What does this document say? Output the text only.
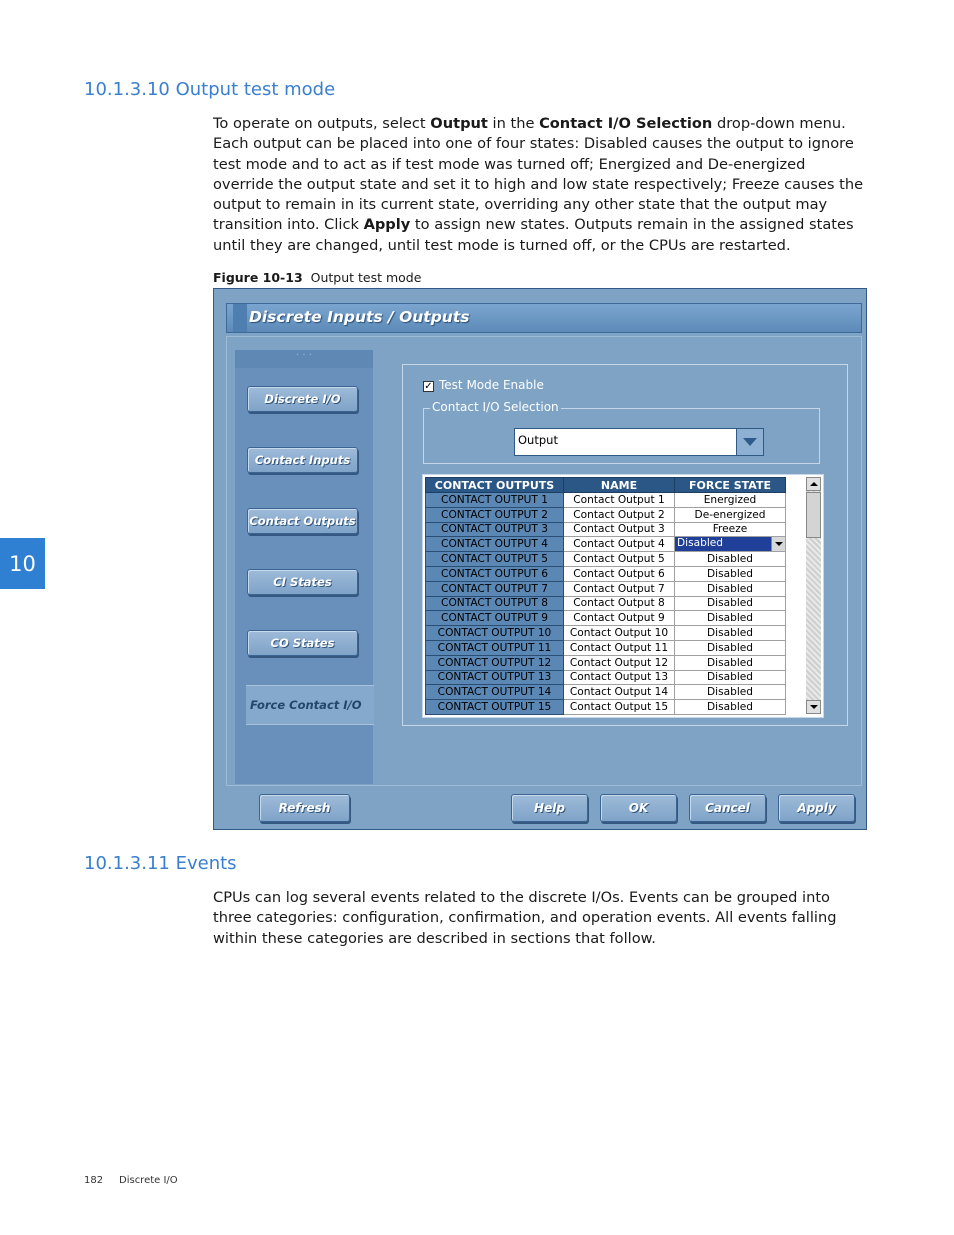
10.1.3.10 Output test mode
To operate on outputs, select Output in the Contact I/O Selection drop-down menu. Each output can be placed into one of four states: Disabled causes the output to ignore test mode and to act as if test mode was turned off; Energized and De-energized override the output state and set it to high and low state respectively; Freeze causes the output to remain in its current state, overriding any other state that the output may transition into. Click Apply to assign new states. Outputs remain in the assigned states until they are changed, until test mode is turned off, or the CPUs are restarted.
Figure 10-13 Output test mode
Discrete Inputs / Outputs
· · ·
Discrete I/O
Contact Inputs
Contact Outputs
CI States
CO States
Force Contact I/O
✓ Test Mode Enable
Contact I/O Selection
Output
CONTACT OUTPUTS	NAME	FORCE STATE
CONTACT OUTPUT 1	Contact Output 1	Energized
CONTACT OUTPUT 2	Contact Output 2	De-energized
CONTACT OUTPUT 3	Contact Output 3	Freeze
CONTACT OUTPUT 4	Contact Output 4	Disabled

CONTACT OUTPUT 5	Contact Output 5	Disabled
CONTACT OUTPUT 6	Contact Output 6	Disabled
CONTACT OUTPUT 7	Contact Output 7	Disabled
CONTACT OUTPUT 8	Contact Output 8	Disabled
CONTACT OUTPUT 9	Contact Output 9	Disabled
CONTACT OUTPUT 10	Contact Output 10	Disabled
CONTACT OUTPUT 11	Contact Output 11	Disabled
CONTACT OUTPUT 12	Contact Output 12	Disabled
CONTACT OUTPUT 13	Contact Output 13	Disabled
CONTACT OUTPUT 14	Contact Output 14	Disabled
CONTACT OUTPUT 15	Contact Output 15	Disabled
Refresh	Help	OK	Cancel	Apply
10.1.3.11 Events
CPUs can log several events related to the discrete I/Os. Events can be grouped into three categories: configuration, confirmation, and operation events. All events falling within these categories are described in sections that follow.
10
182 Discrete I/O
